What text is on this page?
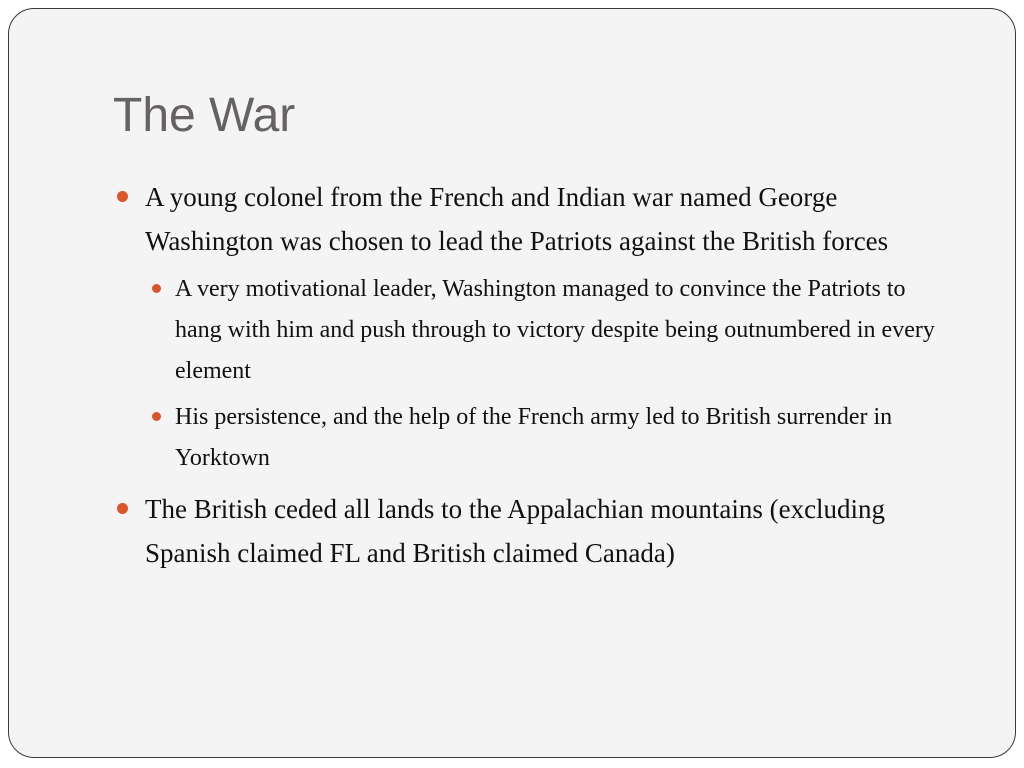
The War
A young colonel from the French and Indian war named George Washington was chosen to lead the Patriots against the British forces
A very motivational leader, Washington managed to convince the Patriots to hang with him and push through to victory despite being outnumbered in every element
His persistence, and the help of the French army led to British surrender in Yorktown
The British ceded all lands to the Appalachian mountains (excluding Spanish claimed FL and British claimed Canada)
